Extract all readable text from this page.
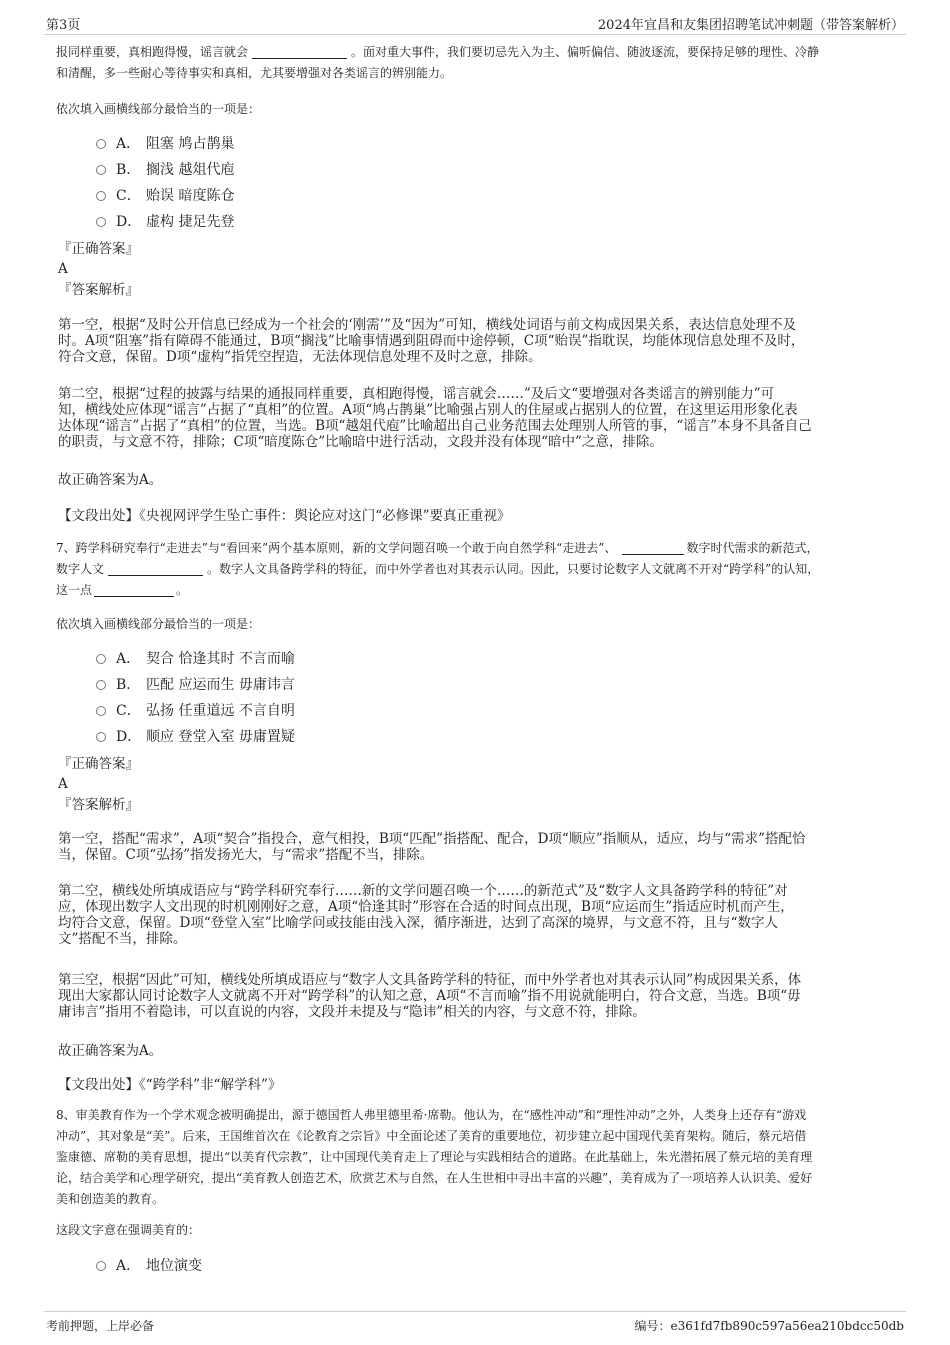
第3页	2024年宜昌和友集团招聘笔试冲刺题（带答案解析）
报同样重要，真相跑得慢，谣言就会	。面对重大事件，我们要切忌先入为主、偏听偏信、随波逐流，要保持足够的理性、冷静
和清醒，多一些耐心等待事实和真相，尤其要增强对各类谣言的辨别能力。
依次填入画横线部分最恰当的一项是：
A． 阻塞 鸠占鹊巢
B． 搁浅 越俎代庖
C． 贻误 暗度陈仓
D． 虚构 捷足先登
『正确答案』
A
『答案解析』
第一空，根据“及时公开信息已经成为一个社会的‘刚需’”及“因为”可知，横线处词语与前文构成因果关系，表达信息处理不及
时。A项“阻塞”指有障碍不能通过，B项“搁浅”比喻事情遇到阻碍而中途停顿，C项“贻误”指耽误，均能体现信息处理不及时，
符合文意，保留。D项“虚构”指凭空捏造，无法体现信息处理不及时之意，排除。
第二空，根据“过程的披露与结果的通报同样重要，真相跑得慢，谣言就会……”及后文“要增强对各类谣言的辨别能力”可
知，横线处应体现“谣言”占据了“真相”的位置。A项“鸠占鹊巢”比喻强占别人的住屋或占据别人的位置，在这里运用形象化表
达体现“谣言”占据了“真相”的位置，当选。B项“越俎代庖”比喻超出自己业务范围去处理别人所管的事，“谣言”本身不具备自己
的职责，与文意不符，排除；C项“暗度陈仓”比喻暗中进行活动，文段并没有体现“暗中”之意，排除。
故正确答案为A。
【文段出处】《央视网评学生坠亡事件：舆论应对这门“必修课”要真正重视》
7、跨学科研究奉行“走进去”与“看回来”两个基本原则，新的文学问题召唤一个敢于向自然学科“走进去”、	数字时代需求的新范式，
数字人文	。数字人文具备跨学科的特征，而中外学者也对其表示认同。因此，只要讨论数字人文就离不开对“跨学科”的认知，
这一点	。
依次填入画横线部分最恰当的一项是：
A． 契合 恰逢其时 不言而喻
B． 匹配 应运而生 毋庸讳言
C． 弘扬 任重道远 不言自明
D． 顺应 登堂入室 毋庸置疑
『正确答案』
A
『答案解析』
第一空，搭配“需求”，A项“契合”指投合，意气相投，B项“匹配”指搭配、配合，D项“顺应”指顺从，适应，均与“需求”搭配恰
当，保留。C项“弘扬”指发扬光大，与“需求”搭配不当，排除。
第二空，横线处所填成语应与“跨学科研究奉行……新的文学问题召唤一个……的新范式”及“数字人文具备跨学科的特征”对
应，体现出数字人文出现的时机刚刚好之意，A项“恰逢其时”形容在合适的时间点出现，B项“应运而生”指适应时机而产生，
均符合文意，保留。D项“登堂入室”比喻学问或技能由浅入深，循序渐进，达到了高深的境界，与文意不符，且与“数字人
文”搭配不当，排除。
第三空，根据“因此”可知，横线处所填成语应与“数字人文具备跨学科的特征，而中外学者也对其表示认同”构成因果关系，体
现出大家都认同讨论数字人文就离不开对“跨学科”的认知之意，A项“不言而喻”指不用说就能明白，符合文意，当选。B项“毋
庸讳言”指用不着隐讳，可以直说的内容，文段并未提及与“隐讳”相关的内容，与文意不符，排除。
故正确答案为A。
【文段出处】《“跨学科”非“解学科”》
8、审美教育作为一个学术观念被明确提出，源于德国哲人弗里德里希·席勒。他认为，在“感性冲动”和“理性冲动”之外，人类身上还存有“游戏
冲动”，其对象是“美”。后来，王国维首次在《论教育之宗旨》中全面论述了美育的重要地位，初步建立起中国现代美育架构。随后，蔡元培借
鉴康德、席勒的美育思想，提出“以美育代宗教”，让中国现代美育走上了理论与实践相结合的道路。在此基础上，朱光潜拓展了蔡元培的美育理
论，结合美学和心理学研究，提出“美育教人创造艺术，欣赏艺术与自然，在人生世相中寻出丰富的兴趣”，美育成为了一项培养人认识美、爱好
美和创造美的教育。
这段文字意在强调美育的：
A． 地位演变
考前押题，上岸必备	编号：e361fd7fb890c597a56ea210bdcc50db
